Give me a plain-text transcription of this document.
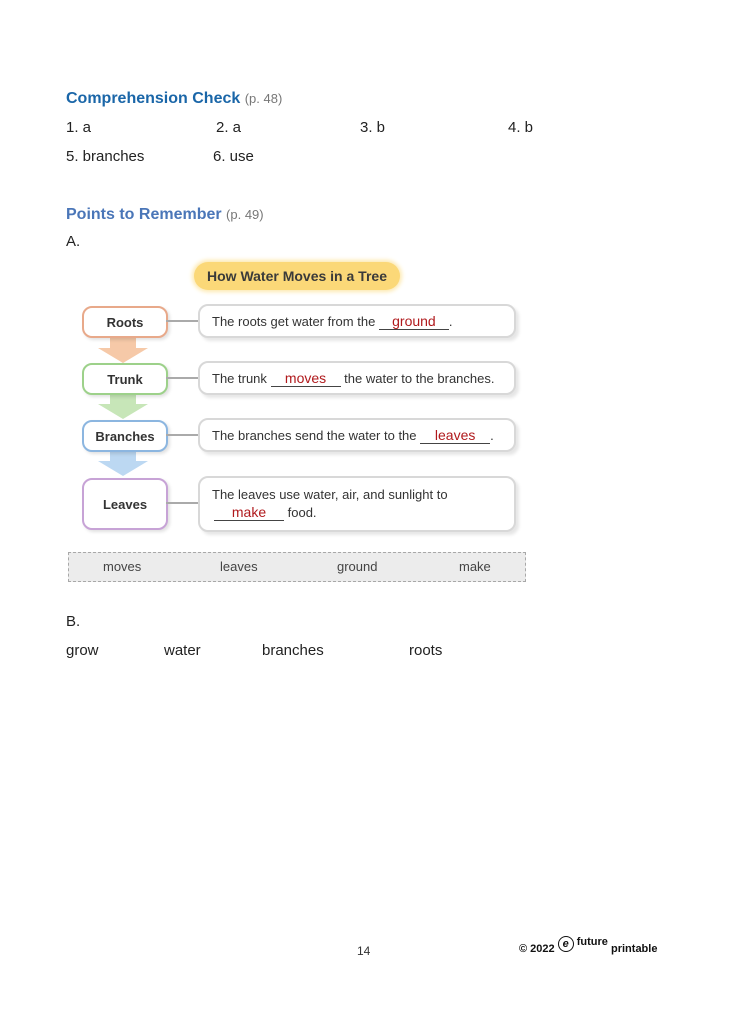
Comprehension Check (p. 48)
1. a	2. a	3. b	4. b
5. branches	6. use
Points to Remember (p. 49)
A.
How Water Moves in a Tree
Roots	The roots get water from the ground .
Trunk	The trunk moves the water to the branches.
Branches	The branches send the water to the leaves .
Leaves
The leaves use water, air, and sunlight to
make food.
moves	leaves	ground	make
B.
grow	water	branches	roots
14	© 2022 e future printable
